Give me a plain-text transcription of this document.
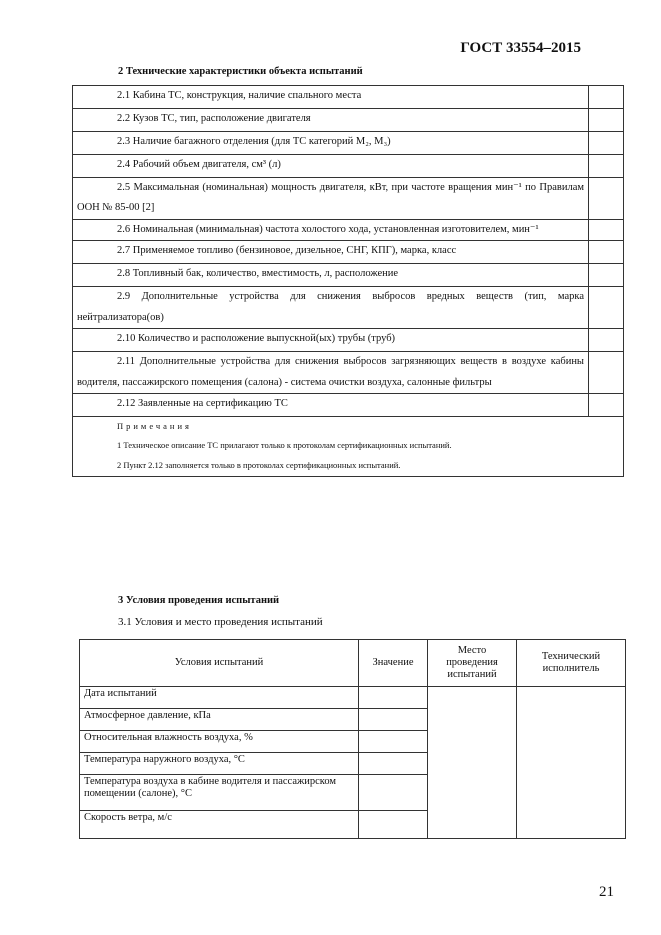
ГОСТ 33554–2015
2 Технические характеристики объекта испытаний
2.1 Кабина ТС, конструкция, наличие спального места	
2.2 Кузов ТС, тип, расположение двигателя	
2.3 Наличие багажного отделения (для ТС категорий M₂, M₃)	
2.4 Рабочий объем двигателя, см³ (л)	
2.5 Максимальная (номинальная) мощность двигателя, кВт, при частоте вращения мин⁻¹ по Правилам ООН № 85-00 [2]	
2.6 Номинальная (минимальная) частота холостого хода, установленная изготовителем, мин⁻¹	
2.7 Применяемое топливо (бензиновое, дизельное, СНГ, КПГ), марка, класс	
2.8 Топливный бак, количество, вместимость, л, расположение	
2.9 Дополнительные устройства для снижения выбросов вредных веществ (тип, марка нейтрализатора(ов)	
2.10 Количество и расположение выпускной(ых) трубы (труб)	
2.11 Дополнительные устройства для снижения выбросов загрязняющих веществ в воздухе кабины водителя, пассажирского помещения (салона) - система очистки воздуха, салонные фильтры	
2.12 Заявленные на сертификацию ТС	

Примечания
1 Техническое описание ТС прилагают только к протоколам сертификационных испытаний.
2 Пункт 2.12 заполняется только в протоколах сертификационных испытаний.	
3 Условия проведения испытаний
3.1 Условия и место проведения испытаний
Условия испытаний	Значение	Место проведения испытаний	Технический исполнитель
Дата испытаний			
Атмосферное давление, кПа			
Относительная влажность воздуха, %			
Температура наружного воздуха, °С			
Температура воздуха в кабине водителя и пассажирском помещении (салоне), °С			
Скорость ветра, м/с			
21
